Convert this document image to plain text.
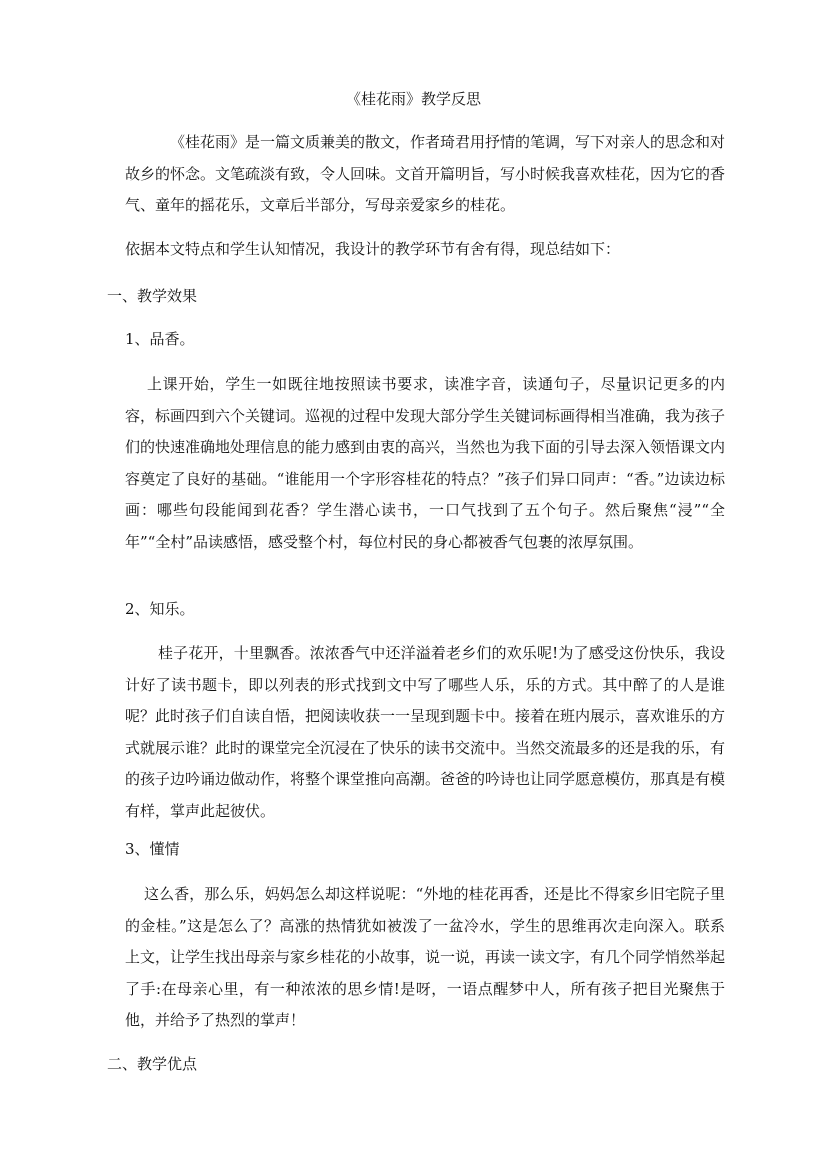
《桂花雨》教学反思
《桂花雨》是一篇文质兼美的散文，作者琦君用抒情的笔调，写下对亲人的思念和对故乡的怀念。文笔疏淡有致，令人回味。文首开篇明旨，写小时候我喜欢桂花，因为它的香气、童年的摇花乐，文章后半部分，写母亲爱家乡的桂花。
依据本文特点和学生认知情况，我设计的教学环节有舍有得，现总结如下：
一、教学效果
1、品香。
上课开始，学生一如既往地按照读书要求，读准字音，读通句子，尽量识记更多的内容，标画四到六个关键词。巡视的过程中发现大部分学生关键词标画得相当准确，我为孩子们的快速准确地处理信息的能力感到由衷的高兴，当然也为我下面的引导去深入领悟课文内容奠定了良好的基础。“谁能用一个字形容桂花的特点？”孩子们异口同声：“香。”边读边标画：哪些句段能闻到花香？学生潜心读书，一口气找到了五个句子。然后聚焦“浸”“全年”“全村”品读感悟，感受整个村，每位村民的身心都被香气包裹的浓厚氛围。
2、知乐。
桂子花开，十里飘香。浓浓香气中还洋溢着老乡们的欢乐呢!为了感受这份快乐，我设计好了读书题卡，即以列表的形式找到文中写了哪些人乐，乐的方式。其中醉了的人是谁呢？此时孩子们自读自悟，把阅读收获一一呈现到题卡中。接着在班内展示，喜欢谁乐的方式就展示谁？此时的课堂完全沉浸在了快乐的读书交流中。当然交流最多的还是我的乐，有的孩子边吟诵边做动作，将整个课堂推向高潮。爸爸的吟诗也让同学愿意模仿，那真是有模有样，掌声此起彼伏。
3、懂情
这么香，那么乐，妈妈怎么却这样说呢：“外地的桂花再香，还是比不得家乡旧宅院子里的金桂。”这是怎么了？高涨的热情犹如被泼了一盆冷水，学生的思维再次走向深入。联系上文，让学生找出母亲与家乡桂花的小故事，说一说，再读一读文字，有几个同学悄然举起了手:在母亲心里，有一种浓浓的思乡情!是呀，一语点醒梦中人，所有孩子把目光聚焦于他，并给予了热烈的掌声！
二、教学优点
